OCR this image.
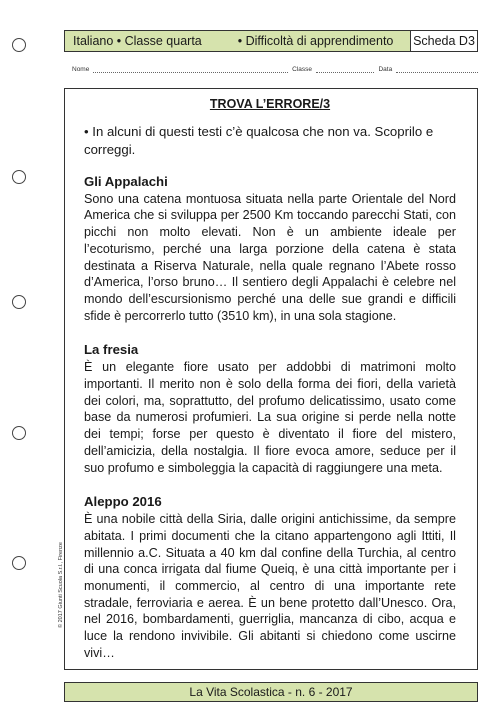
Italiano • Classe quarta	• Difficoltà di apprendimento	Scheda D3
Nome	Classe	Data
© 2017 Giunti Scuola S.r.l., Firenze
TROVA L’ERRORE/3
• In alcuni di questi testi c’è qualcosa che non va. Scoprilo e correggi.
Gli Appalachi

Sono una catena montuosa situata nella parte Orientale del Nord America che si sviluppa per 2500 Km toccando parecchi Stati, con picchi non molto elevati. Non è un ambiente ideale per l’ecoturismo, perché una larga porzione della catena è stata destinata a Riserva Naturale, nella quale regnano l’Abete rosso d’America, l’orso bruno… Il sentiero degli Appalachi è celebre nel mondo dell’escursionismo perché una delle sue grandi e difficili sfide è percorrerlo tutto (3510 km), in una sola stagione.

La fresia

È un elegante fiore usato per addobbi di matrimoni molto importanti. Il merito non è solo della forma dei fiori, della varietà dei colori, ma, soprattutto, del profumo delicatissimo, usato come base da numerosi profumieri. La sua origine si perde nella notte dei tempi; forse per questo è diventato il fiore del mistero, dell’amicizia, della nostalgia. Il fiore evoca amore, seduce per il suo profumo e simboleggia la capacità di raggiungere una meta.

Aleppo 2016

È una nobile città della Siria, dalle origini antichissime, da sempre abitata. I primi documenti che la citano appartengono agli Ittiti, Il millennio a.C. Situata a 40 km dal confine della Turchia, al centro di una conca irrigata dal fiume Queiq, è una città importante per i monumenti, il commercio, al centro di una importante rete stradale, ferroviaria e aerea. È un bene protetto dall’Unesco. Ora, nel 2016, bombardamenti, guerriglia, mancanza di cibo, acqua e luce la rendono invivibile. Gli abitanti si chiedono come uscirne vivi…

La Vita Scolastica - n. 6 - 2017
